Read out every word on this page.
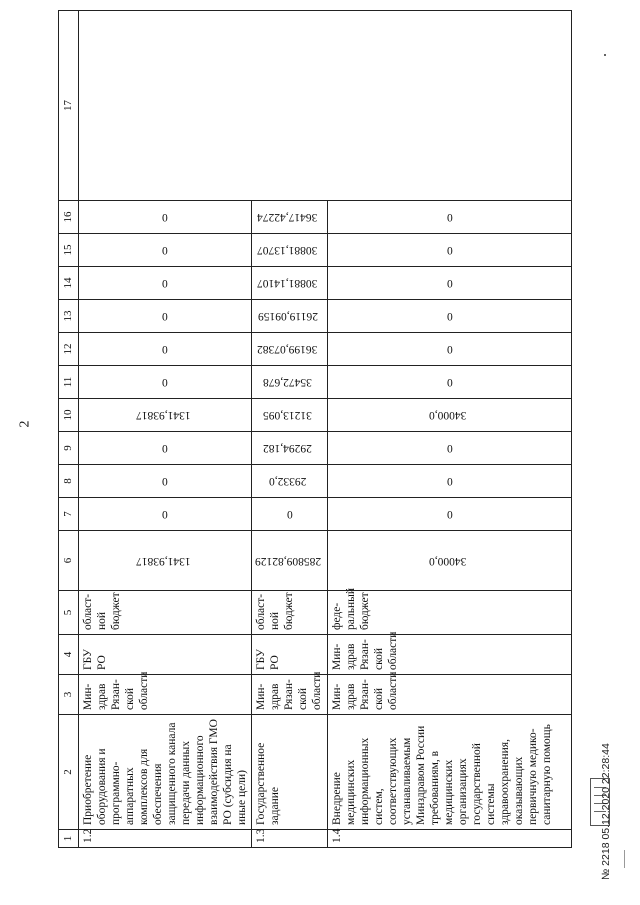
2
1	2	3	4	5	6	7	8	9	10	11	12	13	14	15	16	17
1.2	Приобретение оборудования и программно-аппаратных комплексов для обеспечения защищенного канала передачи данных информационного взаимодействия ГМО РО (субсидия на иные цели)	Мин-здрав Рязан-ской области	ГБУ РО	област-ной бюджет	1341,93817	0	0	0	1341,93817	0	0	0	0	0	0	
1.3	Государственное задание	Мин-здрав Рязан-ской области	ГБУ РО	област-ной бюджет	285809,82129	0	29332,0	29294,182	31213,095	35472,678	36199,07382	26119,09159	30881,14107	30881,13707	36417,42274	
1.4	Внедрение медицинских информационных систем, соответствующих устанавливаемым Минздравом России требованиям, в медицинских организациях государственной системы здравоохранения, оказывающих первичную медико-санитарную помощь	Мин-здрав Рязан-ской области	Мин-здрав Рязан-ской области	феде-ральный бюджет	34000,0	0	0	0	34000,0	0	0	0	0	0	0	
№ 2218 05.12.2020 22:28:44
